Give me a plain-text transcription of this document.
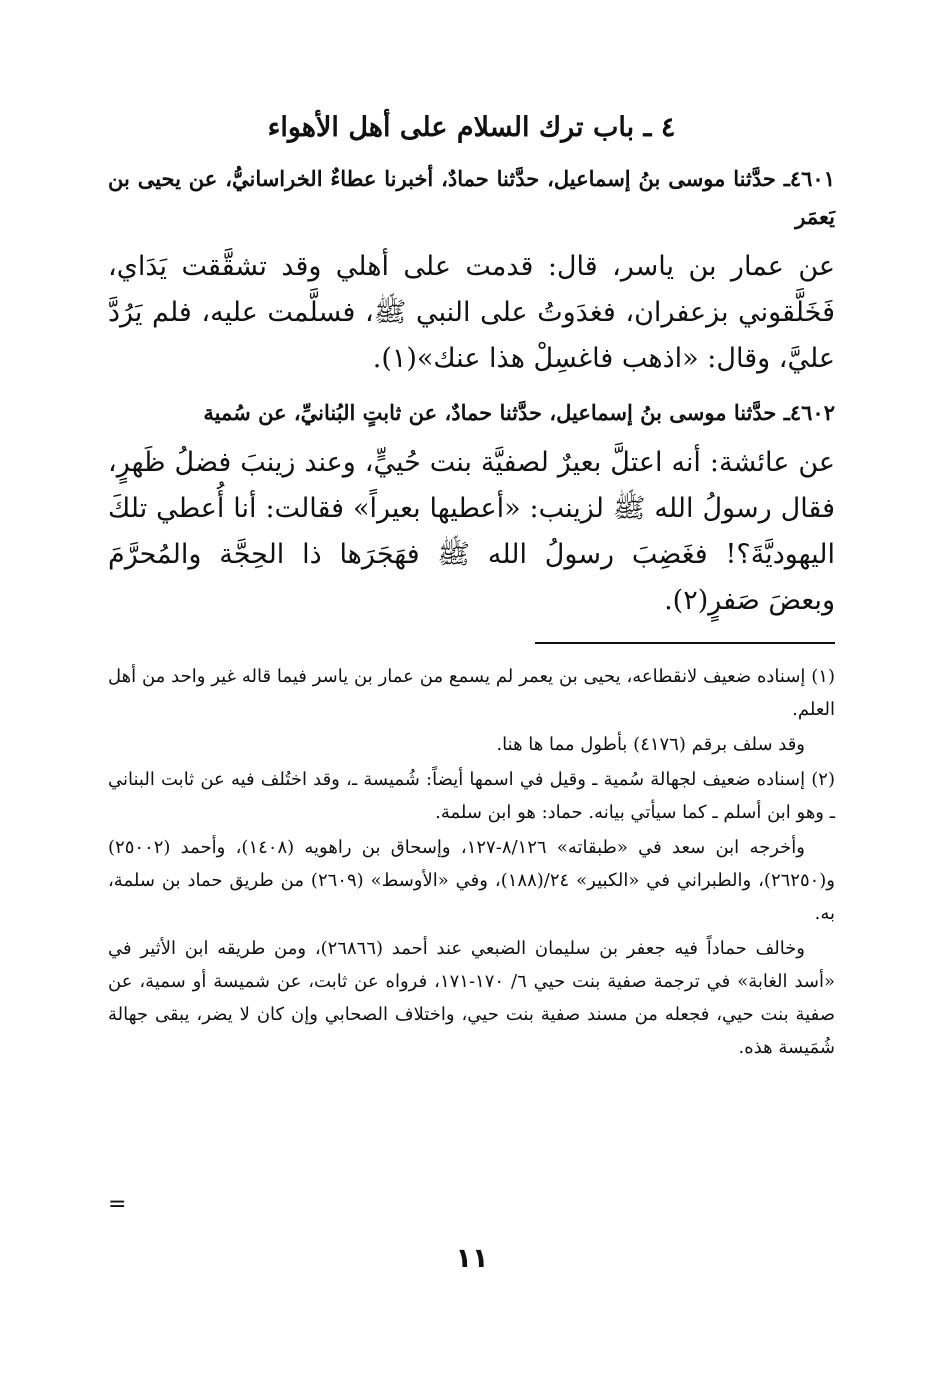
٤ ـ باب ترك السلام على أهل الأهواء

٤٦٠١ـ حدَّثنا موسى بنُ إسماعيل، حدَّثنا حمادٌ، أخبرنا عطاءٌ الخراسانيُّ، عن يحيى بن يَعمَر

عن عمار بن ياسر، قال: قدمت على أهلي وقد تشقَّقت يَدَاي، فَخَلَّقوني بزعفران، فغدَوتُ على النبي ﷺ، فسلَّمت عليه، فلم يَرُدَّ عليَّ، وقال: «اذهب فاغسِلْ هذا عنك»(١).

٤٦٠٢ـ حدَّثنا موسى بنُ إسماعيل، حدَّثنا حمادٌ، عن ثابتٍ البُنانيِّ، عن سُمية

عن عائشة: أنه اعتلَّ بعيرٌ لصفيَّة بنت حُييٍّ، وعند زينبَ فضلُ ظَهرٍ، فقال رسولُ الله ﷺ لزينب: «أعطيها بعيراً» فقالت: أنا أُعطي تلكَ اليهوديَّةَ؟! فغَضِبَ رسولُ الله ﷺ فهَجَرَها ذا الحِجَّة والمُحرَّمَ وبعضَ صَفرٍ(٢).

(١) إسناده ضعيف لانقطاعه، يحيى بن يعمر لم يسمع من عمار بن ياسر فيما قاله غير واحد من أهل العلم.

وقد سلف برقم (٤١٧٦) بأطول مما ها هنا.

(٢) إسناده ضعيف لجهالة سُمية ـ وقيل في اسمها أيضاً: شُميسة ـ، وقد اختُلف فيه عن ثابت البناني ـ وهو ابن أسلم ـ كما سيأتي بيانه. حماد: هو ابن سلمة.

وأخرجه ابن سعد في «طبقاته» ٨/١٢٦-١٢٧، وإسحاق بن راهويه (١٤٠٨)، وأحمد (٢٥٠٠٢) و(٢٦٢٥٠)، والطبراني في «الكبير» ٢٤/(١٨٨)، وفي «الأوسط» (٢٦٠٩) من طريق حماد بن سلمة، به.

وخالف حماداً فيه جعفر بن سليمان الضبعي عند أحمد (٢٦٨٦٦)، ومن طريقه ابن الأثير في «أسد الغابة» في ترجمة صفية بنت حيي ٦/ ١٧٠-١٧١، فرواه عن ثابت، عن شميسة أو سمية، عن صفية بنت حيي، فجعله من مسند صفية بنت حيي، واختلاف الصحابي وإن كان لا يضر، يبقى جهالة شُمَيسة هذه.

=
١١
